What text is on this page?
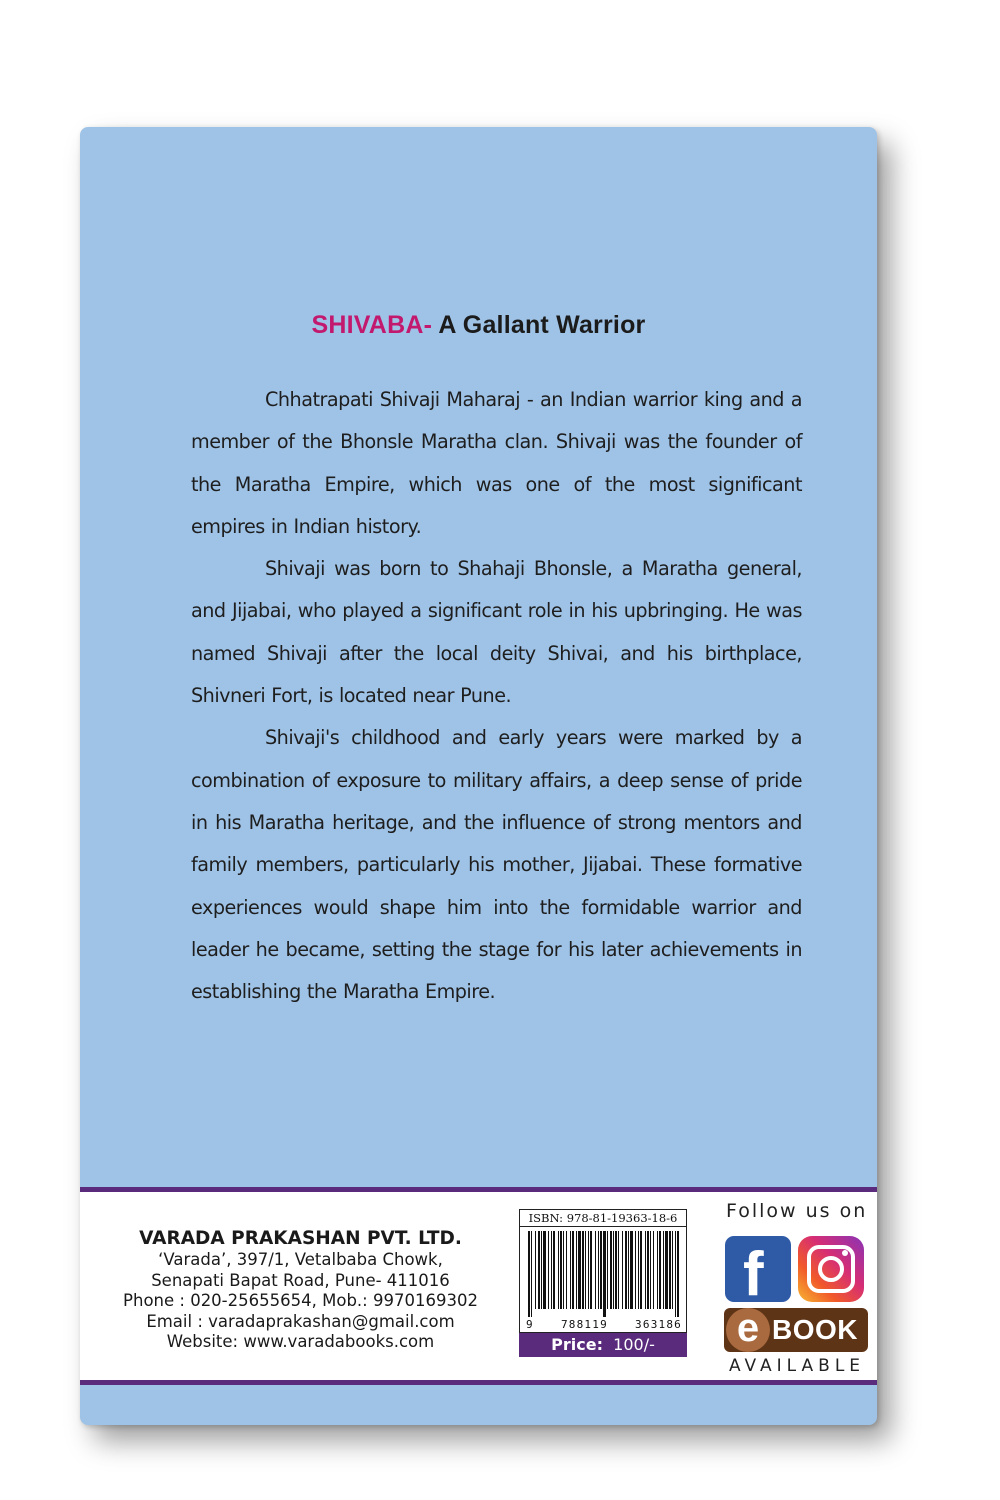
SHIVABA- A Gallant Warrior

Chhatrapati Shivaji Maharaj - an Indian warrior king and a member of the Bhonsle Maratha clan. Shivaji was the founder of the Maratha Empire, which was one of the most significant empires in Indian history.

Shivaji was born to Shahaji Bhonsle, a Maratha general, and Jijabai, who played a significant role in his upbringing. He was named Shivaji after the local deity Shivai, and his birthplace, Shivneri Fort, is located near Pune.

Shivaji's childhood and early years were marked by a combination of exposure to military affairs, a deep sense of pride in his Maratha heritage, and the influence of strong mentors and family members, particularly his mother, Jijabai. These formative experiences would shape him into the formidable warrior and leader he became, setting the stage for his later achievements in establishing the Maratha Empire.

VARADA PRAKASHAN PVT. LTD.
‘Varada’, 397/1, Vetalbaba Chowk,
Senapati Bapat Road, Pune- 411016
Phone : 020-25655654, Mob.: 9970169302
Email : varadaprakashan@gmail.com
Website: www.varadabooks.com
ISBN: 978-81-19363-18-6
9 788119 363186
Price: 100/-
Follow us on
f
e BOOK
AVAILABLE
